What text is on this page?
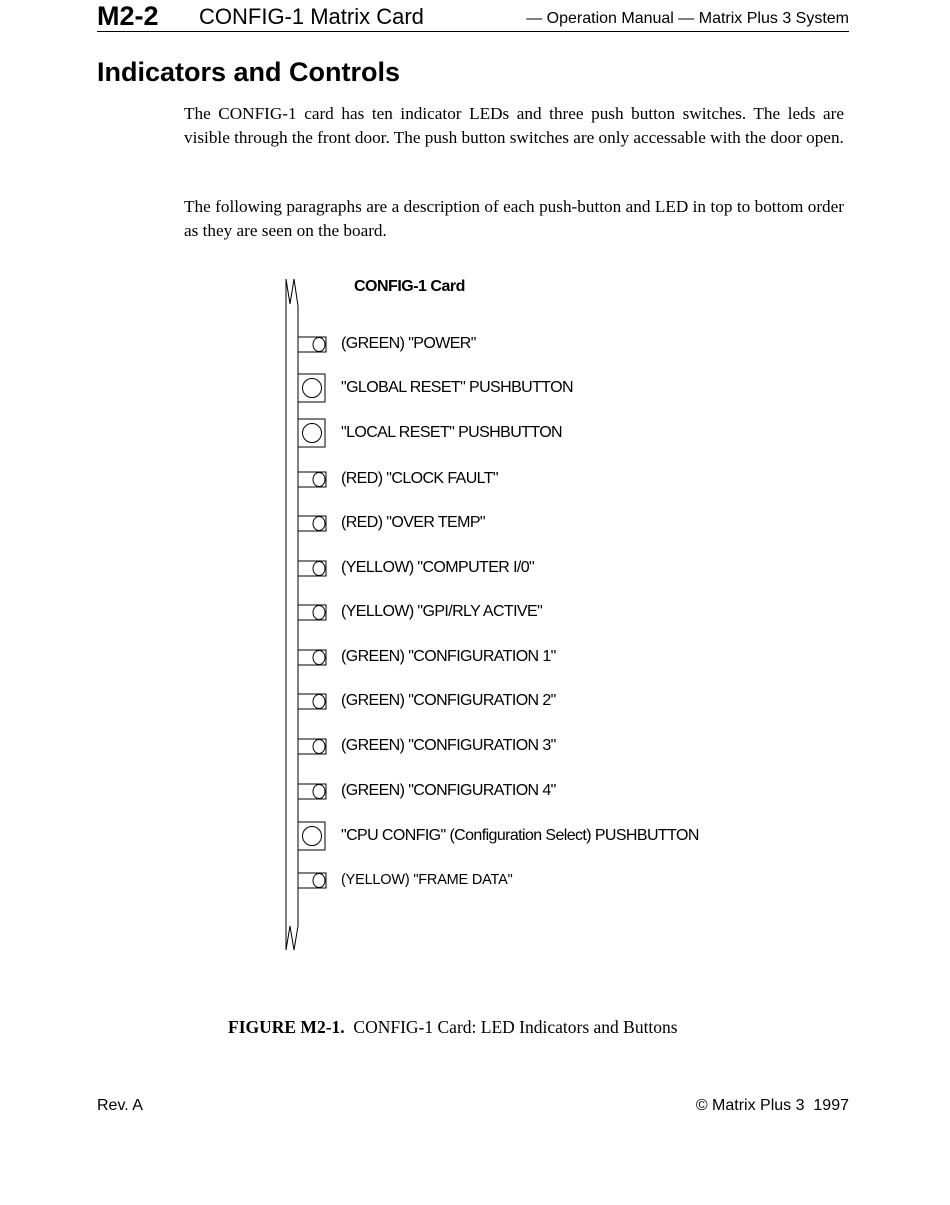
M2-2 CONFIG-1 Matrix Card	— Operation Manual — Matrix Plus 3 System
Indicators and Controls

The CONFIG-1 card has ten indicator LEDs and three push button switches. The leds are visible through the front door. The push button switches are only accessable with the door open.

The following paragraphs are a description of each push-button and LED in top to bottom order as they are seen on the board.

CONFIG-1 Card
(GREEN) "POWER"
"GLOBAL RESET" PUSHBUTTON
"LOCAL RESET" PUSHBUTTON
(RED) "CLOCK FAULT"
(RED) "OVER TEMP"
(YELLOW) "COMPUTER I/0"
(YELLOW) "GPI/RLY ACTIVE"
(GREEN) "CONFIGURATION 1"
(GREEN) "CONFIGURATION 2"
(GREEN) "CONFIGURATION 3"
(GREEN) "CONFIGURATION 4"
"CPU CONFIG" (Configuration Select) PUSHBUTTON
(YELLOW) "FRAME DATA"
FIGURE M2-1. CONFIG-1 Card: LED Indicators and Buttons
Rev. A	© Matrix Plus 3  1997
